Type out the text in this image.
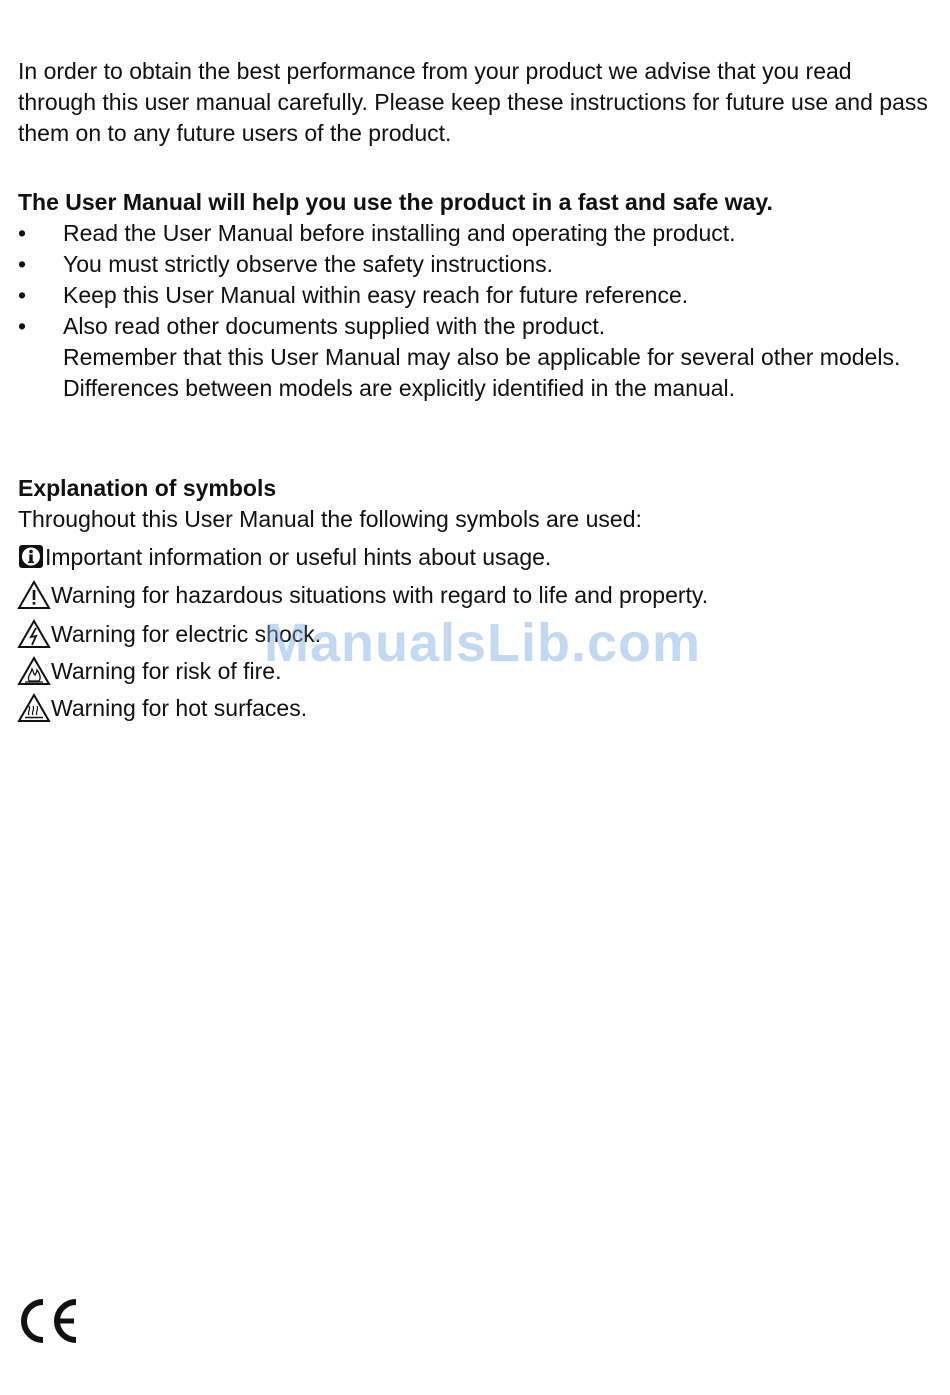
In order to obtain the best performance from your product we advise that you read through this user manual carefully. Please keep these instructions for future use and pass them on to any future users of the product.

The User Manual will help you use the product in a fast and safe way.

• Read the User Manual before installing and operating the product.
• You must strictly observe the safety instructions.
• Keep this User Manual within easy reach for future reference.
• Also read other documents supplied with the product.
Remember that this User Manual may also be applicable for several other models.
Differences between models are explicitly identified in the manual.

Explanation of symbols

Throughout this User Manual the following symbols are used:

Important information or useful hints about usage.
Warning for hazardous situations with regard to life and property.
Warning for electric shock.
Warning for risk of fire.
Warning for hot surfaces.
ManualsLib.com
